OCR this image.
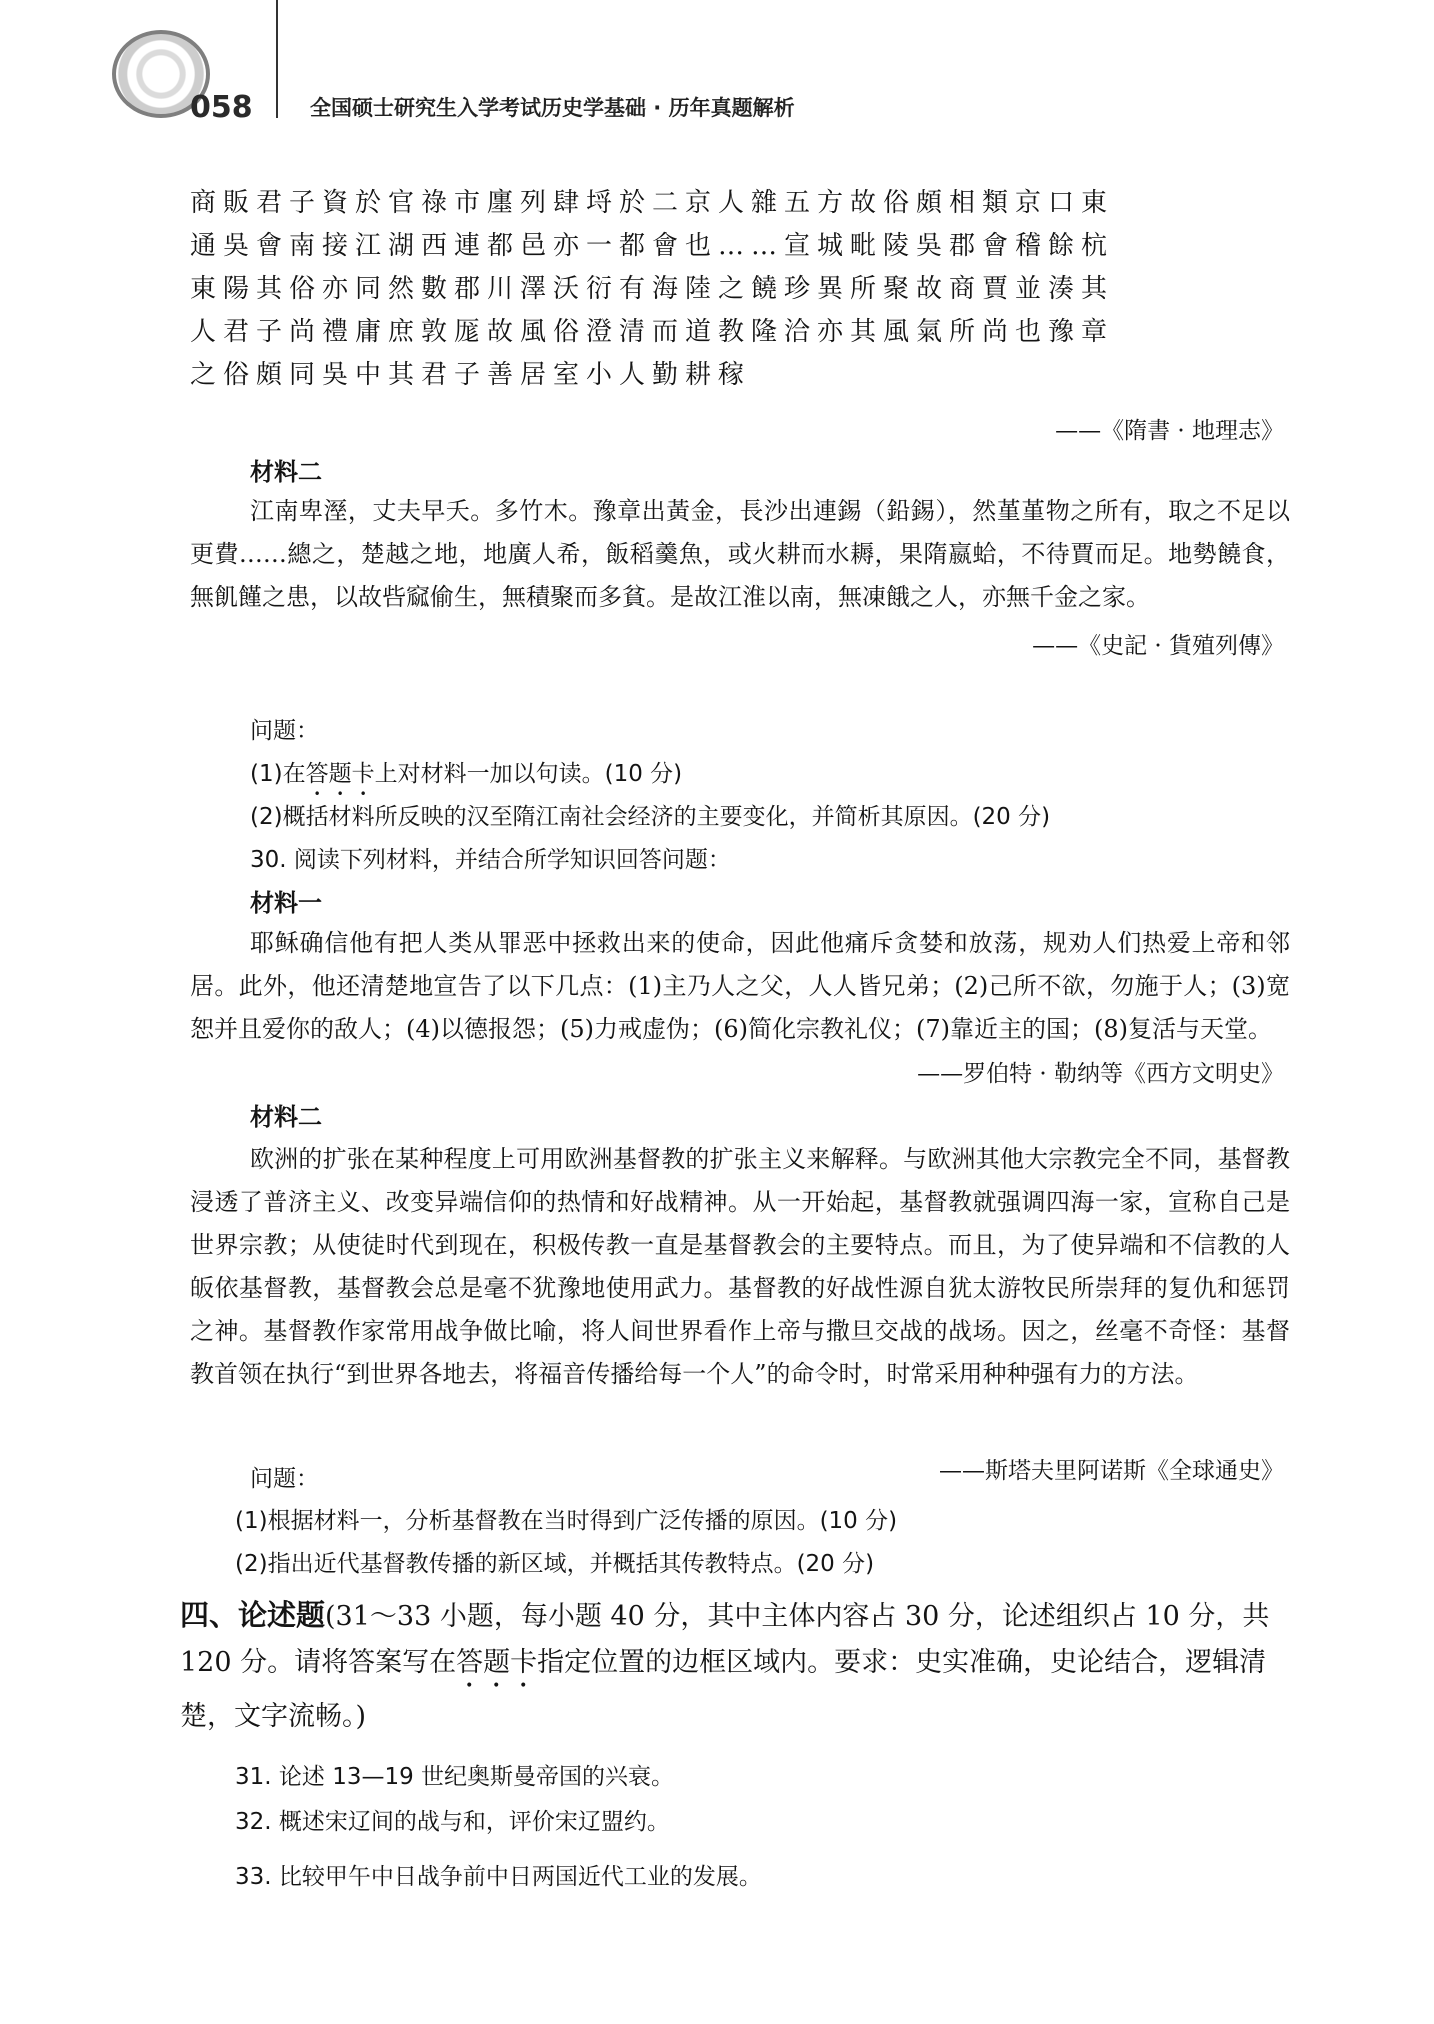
058	全国硕士研究生入学考试历史学基础 · 历年真题解析
商販君子資於官祿市廛列肆埒於二京人雜五方故俗頗相類京口東
通吳會南接江湖西連都邑亦一都會也……宣城毗陵吳郡會稽餘杭
東陽其俗亦同然數郡川澤沃衍有海陸之饒珍異所聚故商賈並湊其
人君子尚禮庸庶敦厖故風俗澄清而道教隆洽亦其風氣所尚也豫章
之俗頗同吳中其君子善居室小人勤耕稼
——《隋書 · 地理志》
材料二
江南卑溼，丈夫早夭。多竹木。豫章出黃金，長沙出連錫（鉛錫），然堇堇物之所有，取之不足以更費……總之，楚越之地，地廣人希，飯稻羹魚，或火耕而水耨，果隋嬴蛤，不待賈而足。地勢饒食，無飢饉之患，以故呰窳偷生，無積聚而多貧。是故江淮以南，無凍餓之人，亦無千金之家。
——《史記 · 貨殖列傳》
问题：
(1)在答题卡上对材料一加以句读。(10 分)
(2)概括材料所反映的汉至隋江南社会经济的主要变化，并简析其原因。(20 分)
30. 阅读下列材料，并结合所学知识回答问题：
材料一
耶稣确信他有把人类从罪恶中拯救出来的使命，因此他痛斥贪婪和放荡，规劝人们热爱上帝和邻居。此外，他还清楚地宣告了以下几点：(1)主乃人之父，人人皆兄弟；(2)己所不欲，勿施于人；(3)宽恕并且爱你的敌人；(4)以德报怨；(5)力戒虚伪；(6)简化宗教礼仪；(7)靠近主的国；(8)复活与天堂。
——罗伯特 · 勒纳等《西方文明史》
材料二
欧洲的扩张在某种程度上可用欧洲基督教的扩张主义来解释。与欧洲其他大宗教完全不同，基督教浸透了普济主义、改变异端信仰的热情和好战精神。从一开始起，基督教就强调四海一家，宣称自己是世界宗教；从使徒时代到现在，积极传教一直是基督教会的主要特点。而且，为了使异端和不信教的人皈依基督教，基督教会总是毫不犹豫地使用武力。基督教的好战性源自犹太游牧民所崇拜的复仇和惩罚之神。基督教作家常用战争做比喻，将人间世界看作上帝与撒旦交战的战场。因之，丝毫不奇怪：基督教首领在执行“到世界各地去，将福音传播给每一个人”的命令时，时常采用种种强有力的方法。
问题：	——斯塔夫里阿诺斯《全球通史》
(1)根据材料一，分析基督教在当时得到广泛传播的原因。(10 分)
(2)指出近代基督教传播的新区域，并概括其传教特点。(20 分)
四、论述题(31～33 小题，每小题 40 分，其中主体内容占 30 分，论述组织占 10 分，共 120 分。请将答案写在答题卡指定位置的边框区域内。要求：史实准确，史论结合，逻辑清楚，文字流畅。)
31. 论述 13—19 世纪奥斯曼帝国的兴衰。
32. 概述宋辽间的战与和，评价宋辽盟约。
33. 比较甲午中日战争前中日两国近代工业的发展。
